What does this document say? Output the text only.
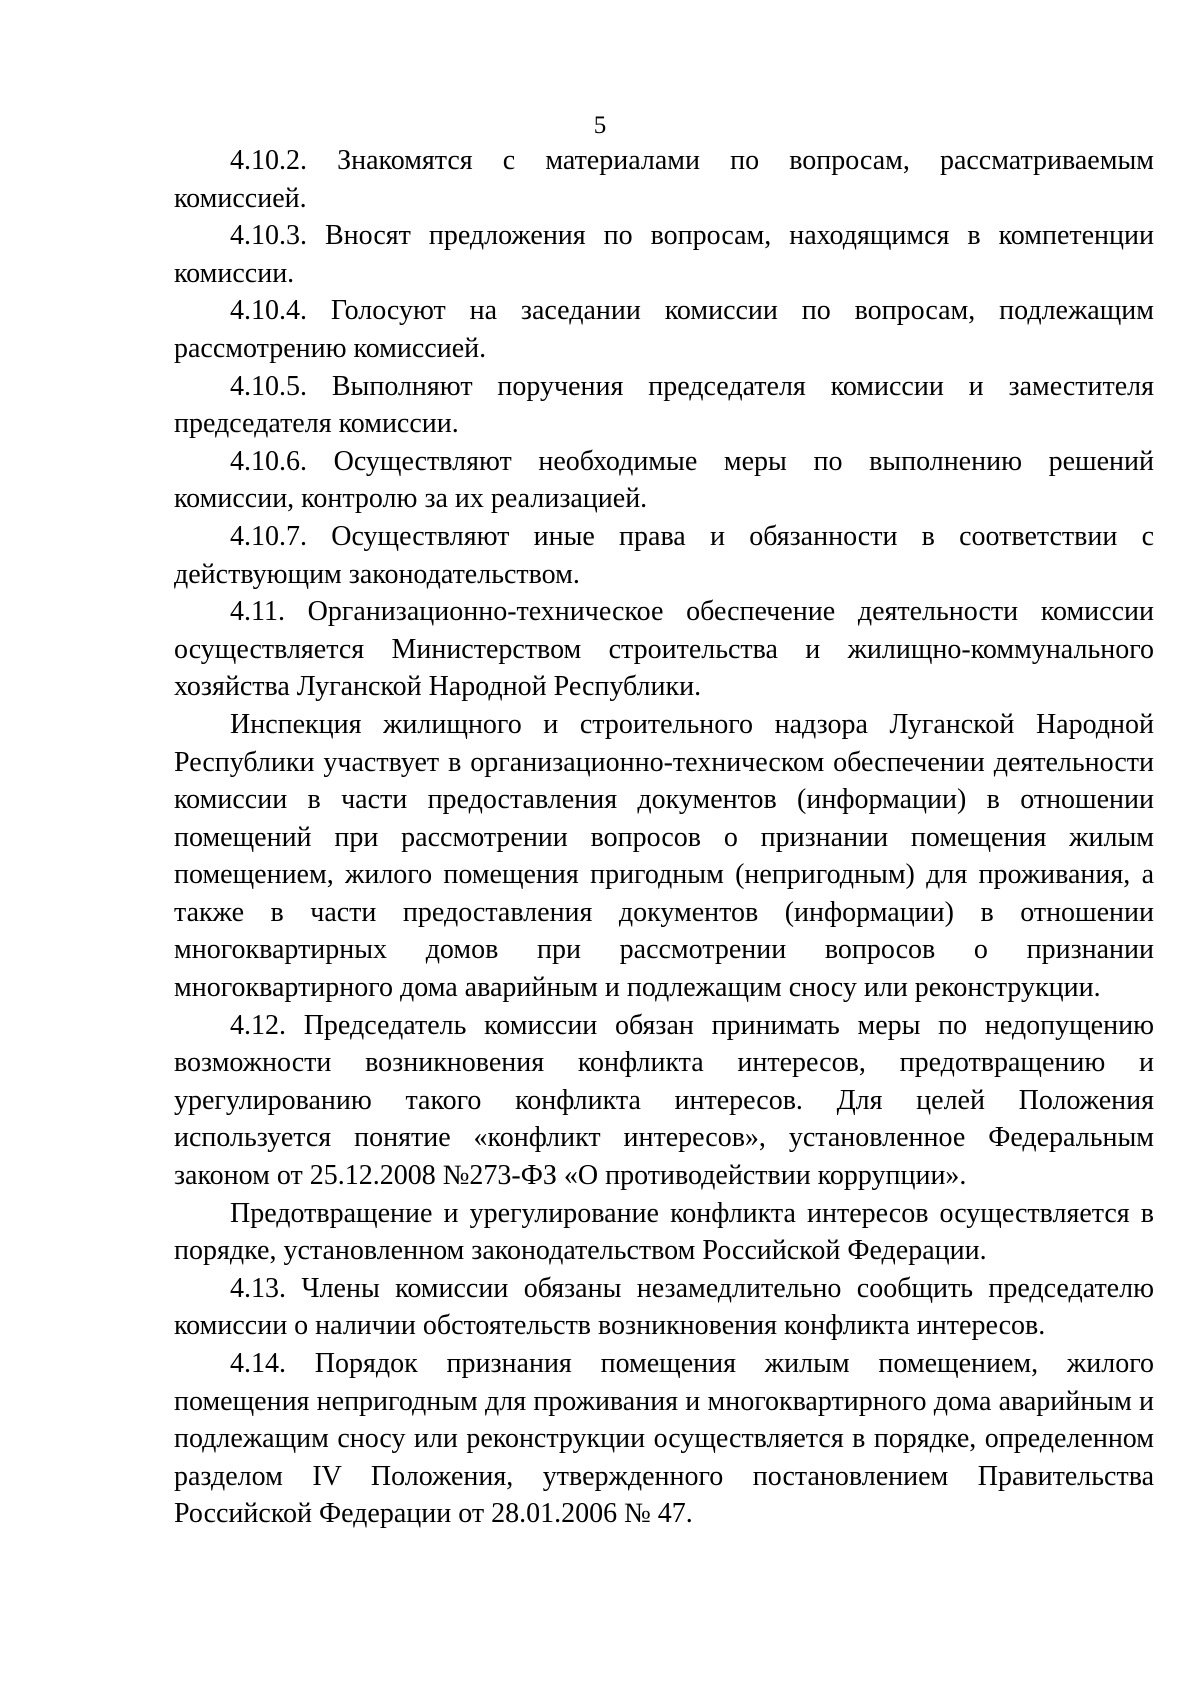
5

4.10.2. Знакомятся с материалами по вопросам, рассматриваемым комиссией.

4.10.3. Вносят предложения по вопросам, находящимся в компетенции комиссии.

4.10.4. Голосуют на заседании комиссии по вопросам, подлежащим рассмотрению комиссией.

4.10.5. Выполняют поручения председателя комиссии и заместителя председателя комиссии.

4.10.6. Осуществляют необходимые меры по выполнению решений комиссии, контролю за их реализацией.

4.10.7. Осуществляют иные права и обязанности в соответствии с действующим законодательством.

4.11. Организационно-техническое обеспечение деятельности комиссии осуществляется Министерством строительства и жилищно-коммунального хозяйства Луганской Народной Республики.

Инспекция жилищного и строительного надзора Луганской Народной Республики участвует в организационно-техническом обеспечении деятельности комиссии в части предоставления документов (информации) в отношении помещений при рассмотрении вопросов о признании помещения жилым помещением, жилого помещения пригодным (непригодным) для проживания, а также в части предоставления документов (информации) в отношении многоквартирных домов при рассмотрении вопросов о признании многоквартирного дома аварийным и подлежащим сносу или реконструкции.

4.12. Председатель комиссии обязан принимать меры по недопущению возможности возникновения конфликта интересов, предотвращению и урегулированию такого конфликта интересов. Для целей Положения используется понятие «конфликт интересов», установленное Федеральным законом от 25.12.2008 №273-ФЗ «О противодействии коррупции».

Предотвращение и урегулирование конфликта интересов осуществляется в порядке, установленном законодательством Российской Федерации.

4.13. Члены комиссии обязаны незамедлительно сообщить председателю комиссии о наличии обстоятельств возникновения конфликта интересов.

4.14. Порядок признания помещения жилым помещением, жилого помещения непригодным для проживания и многоквартирного дома аварийным и подлежащим сносу или реконструкции осуществляется в порядке, определенном разделом IV Положения, утвержденного постановлением Правительства Российской Федерации от 28.01.2006 № 47.
